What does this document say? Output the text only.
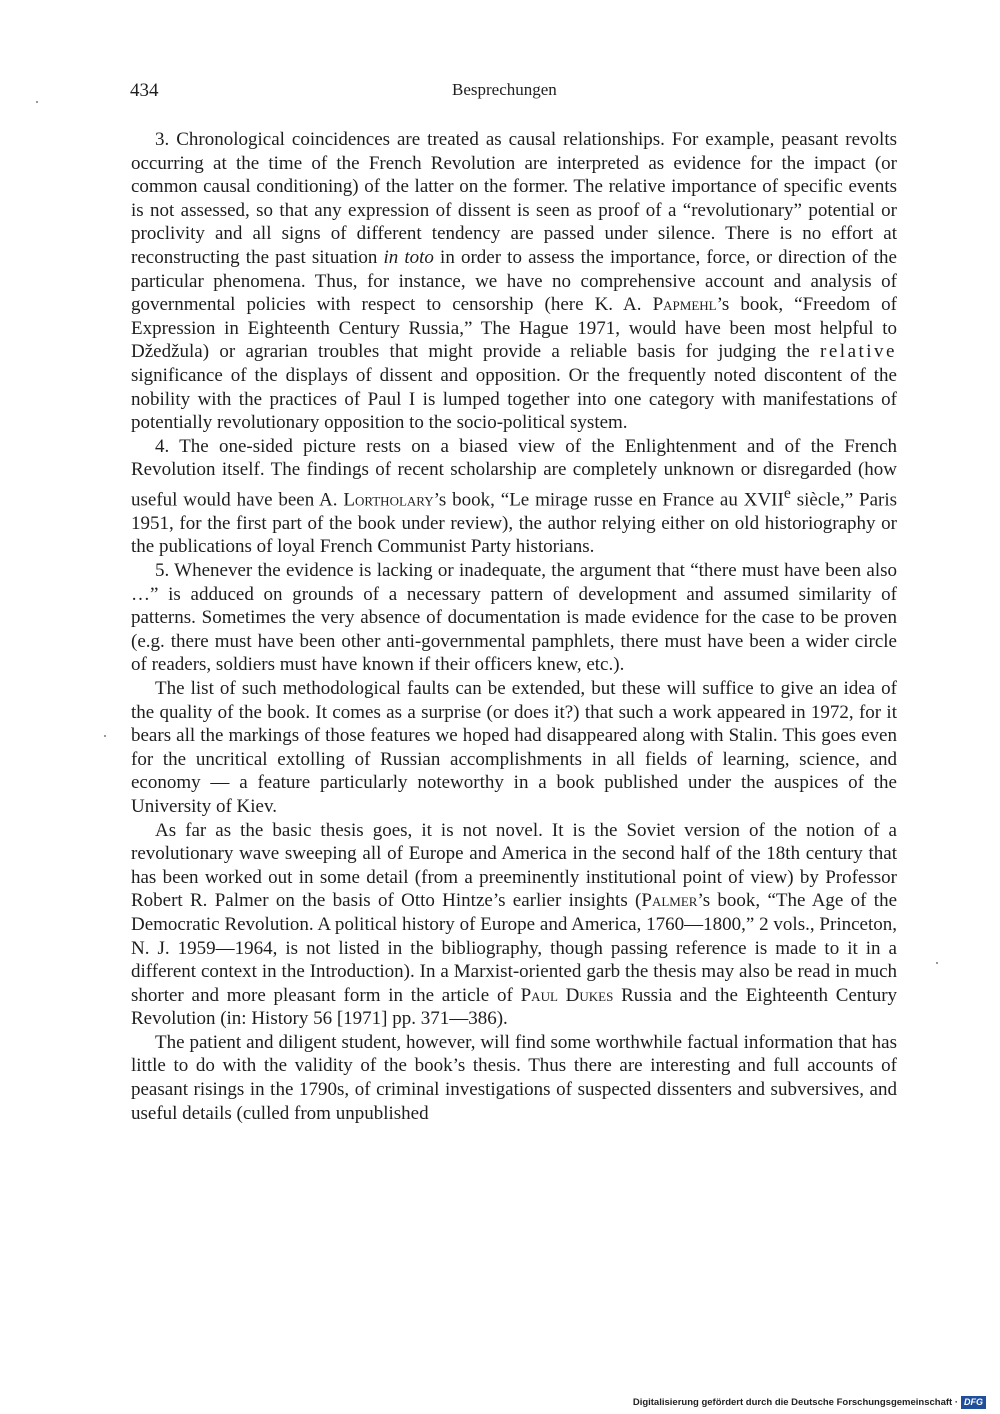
434	Besprechungen

3. Chronological coincidences are treated as causal relationships. For example, peasant revolts occurring at the time of the French Revolution are interpreted as evidence for the impact (or common causal conditioning) of the latter on the former. The relative importance of specific events is not assessed, so that any expression of dissent is seen as proof of a “revolutionary” potential or proclivity and all signs of different tendency are passed under silence. There is no effort at reconstructing the past situation in toto in order to assess the importance, force, or direction of the particular phenomena. Thus, for instance, we have no comprehensive account and analysis of governmental policies with respect to censorship (here K. A. Papmehl’s book, “Freedom of Expression in Eighteenth Century Russia,” The Hague 1971, would have been most helpful to Džedžula) or agrarian troubles that might provide a reliable basis for judging the relative significance of the displays of dissent and opposition. Or the frequently noted discontent of the nobility with the practices of Paul I is lumped together into one category with manifestations of potentially revolutionary opposition to the socio-political system.

4. The one-sided picture rests on a biased view of the Enlightenment and of the French Revolution itself. The findings of recent scholarship are completely unknown or disregarded (how useful would have been A. Lortholary’s book, “Le mirage russe en France au XVIIe siècle,” Paris 1951, for the first part of the book under review), the author relying either on old historiography or the publications of loyal French Communist Party historians.

5. Whenever the evidence is lacking or inadequate, the argument that “there must have been also …” is adduced on grounds of a necessary pattern of development and assumed similarity of patterns. Sometimes the very absence of documentation is made evidence for the case to be proven (e.g. there must have been other anti-governmental pamphlets, there must have been a wider circle of readers, soldiers must have known if their officers knew, etc.).

The list of such methodological faults can be extended, but these will suffice to give an idea of the quality of the book. It comes as a surprise (or does it?) that such a work appeared in 1972, for it bears all the markings of those features we hoped had disappeared along with Stalin. This goes even for the uncritical extolling of Russian accomplishments in all fields of learning, science, and economy — a feature particularly noteworthy in a book published under the auspices of the University of Kiev.

As far as the basic thesis goes, it is not novel. It is the Soviet version of the notion of a revolutionary wave sweeping all of Europe and America in the second half of the 18th century that has been worked out in some detail (from a preeminently institutional point of view) by Professor Robert R. Palmer on the basis of Otto Hintze’s earlier insights (Palmer’s book, “The Age of the Democratic Revolution. A political history of Europe and America, 1760—1800,” 2 vols., Princeton, N. J. 1959—1964, is not listed in the bibliography, though passing reference is made to it in a different context in the Introduction). In a Marxist-oriented garb the thesis may also be read in much shorter and more pleasant form in the article of Paul Dukes Russia and the Eighteenth Century Revolution (in: History 56 [1971] pp. 371—386).

The patient and diligent student, however, will find some worthwhile factual information that has little to do with the validity of the book’s thesis. Thus there are interesting and full accounts of peasant risings in the 1790s, of criminal investigations of suspected dissenters and subversives, and useful details (culled from unpublished

Digitalisierung gefördert durch die Deutsche Forschungsgemeinschaft · DFG
